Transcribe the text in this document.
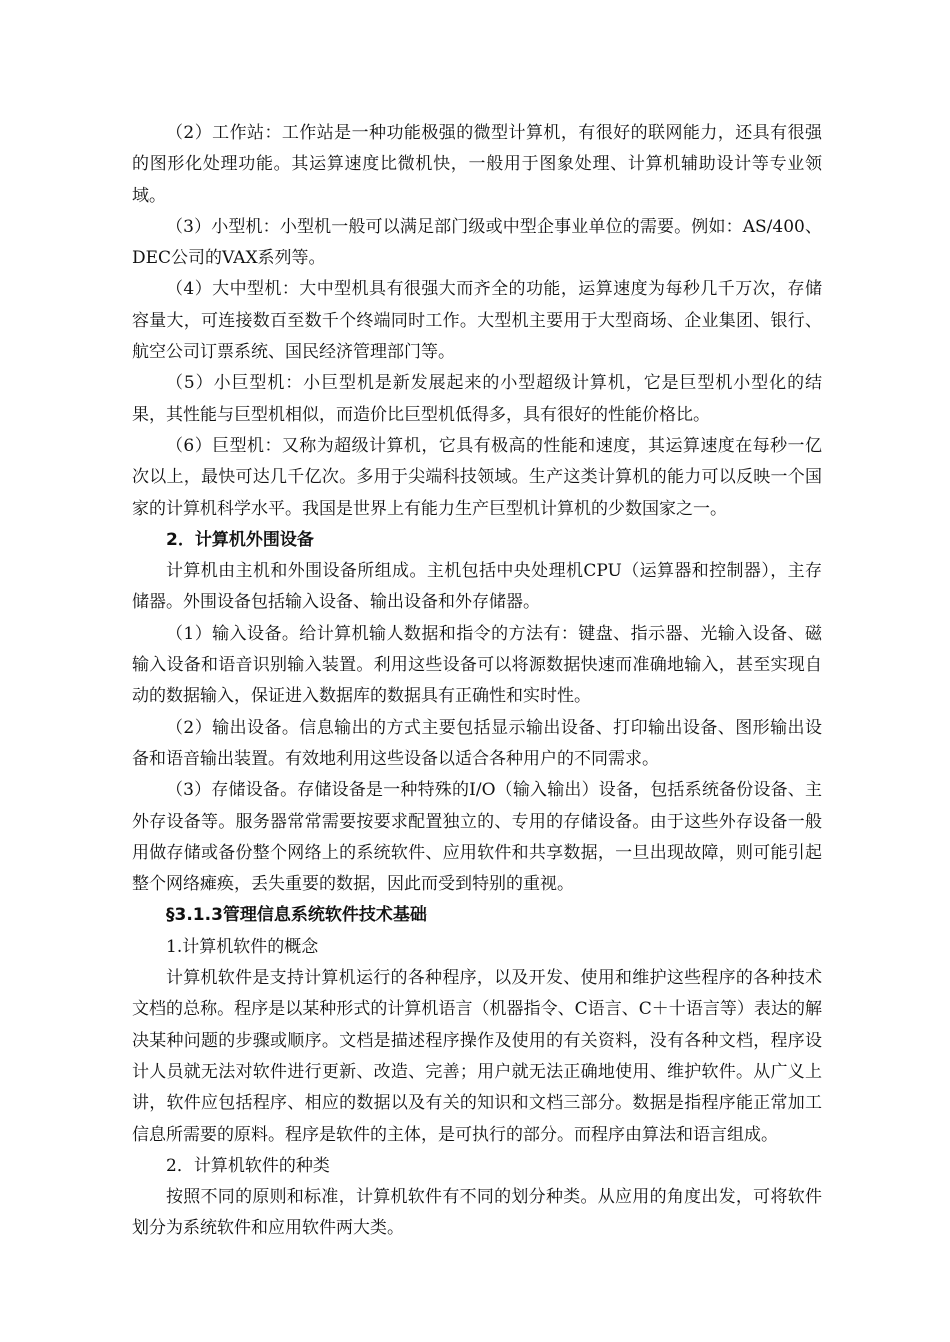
（2）工作站：工作站是一种功能极强的微型计算机，有很好的联网能力，还具有很强的图形化处理功能。其运算速度比微机快，一般用于图象处理、计算机辅助设计等专业领域。

（3）小型机：小型机一般可以满足部门级或中型企事业单位的需要。例如：AS/400、DEC公司的VAX系列等。

（4）大中型机：大中型机具有很强大而齐全的功能，运算速度为每秒几千万次，存储容量大，可连接数百至数千个终端同时工作。大型机主要用于大型商场、企业集团、银行、航空公司订票系统、国民经济管理部门等。

（5）小巨型机：小巨型机是新发展起来的小型超级计算机，它是巨型机小型化的结果，其性能与巨型机相似，而造价比巨型机低得多，具有很好的性能价格比。

（6）巨型机：又称为超级计算机，它具有极高的性能和速度，其运算速度在每秒一亿次以上，最快可达几千亿次。多用于尖端科技领域。生产这类计算机的能力可以反映一个国家的计算机科学水平。我国是世界上有能力生产巨型机计算机的少数国家之一。

2．计算机外围设备

计算机由主机和外围设备所组成。主机包括中央处理机CPU（运算器和控制器），主存储器。外围设备包括输入设备、输出设备和外存储器。

（1）输入设备。给计算机输人数据和指令的方法有：键盘、指示器、光输入设备、磁输入设备和语音识别输入装置。利用这些设备可以将源数据快速而准确地输入，甚至实现自动的数据输入，保证进入数据库的数据具有正确性和实时性。

（2）输出设备。信息输出的方式主要包括显示输出设备、打印输出设备、图形输出设备和语音输出装置。有效地利用这些设备以适合各种用户的不同需求。

（3）存储设备。存储设备是一种特殊的I/O（输入输出）设备，包括系统备份设备、主外存设备等。服务器常常需要按要求配置独立的、专用的存储设备。由于这些外存设备一般用做存储或备份整个网络上的系统软件、应用软件和共享数据，一旦出现故障，则可能引起整个网络瘫痪，丢失重要的数据，因此而受到特别的重视。

§3.1.3管理信息系统软件技术基础

1.计算机软件的概念

计算机软件是支持计算机运行的各种程序，以及开发、使用和维护这些程序的各种技术文档的总称。程序是以某种形式的计算机语言（机器指令、C语言、C＋十语言等）表达的解决某种问题的步骤或顺序。文档是描述程序操作及使用的有关资料，没有各种文档，程序设计人员就无法对软件进行更新、改造、完善；用户就无法正确地使用、维护软件。从广义上讲，软件应包括程序、相应的数据以及有关的知识和文档三部分。数据是指程序能正常加工信息所需要的原料。程序是软件的主体，是可执行的部分。而程序由算法和语言组成。

2．计算机软件的种类

按照不同的原则和标准，计算机软件有不同的划分种类。从应用的角度出发，可将软件划分为系统软件和应用软件两大类。
